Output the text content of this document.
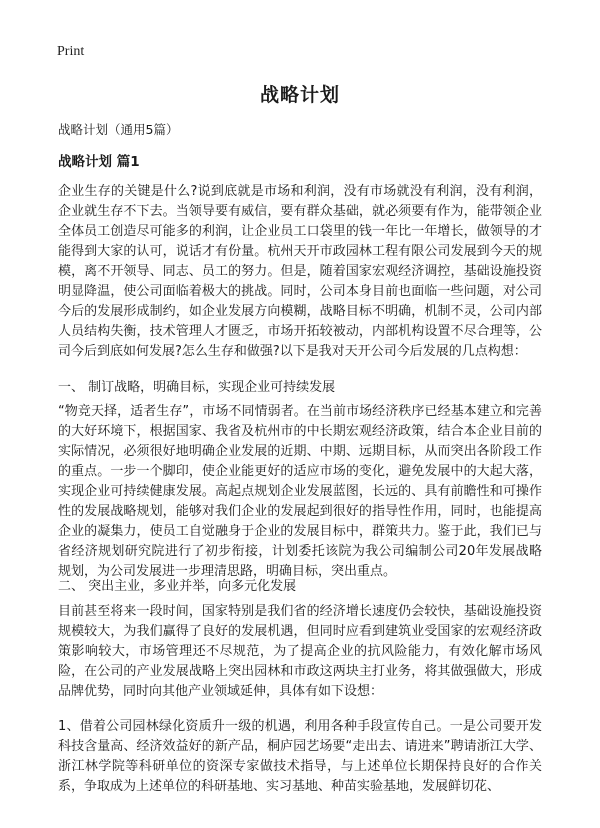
Print
战略计划
战略计划（通用5篇）
战略计划 篇1

企业生存的关键是什么?说到底就是市场和利润，没有市场就没有利润，没有利润，企业就生存不下去。当领导要有威信，要有群众基础，就必须要有作为，能带领企业全体员工创造尽可能多的利润，让企业员工口袋里的钱一年比一年增长，做领导的才能得到大家的认可，说话才有份量。杭州天开市政园林工程有限公司发展到今天的规模，离不开领导、同志、员工的努力。但是，随着国家宏观经济调控，基础设施投资明显降温，使公司面临着极大的挑战。同时，公司本身目前也面临一些问题，对公司今后的发展形成制约，如企业发展方向模糊，战略目标不明确，机制不灵，公司内部人员结构失衡，技术管理人才匮乏，市场开拓较被动，内部机构设置不尽合理等，公司今后到底如何发展?怎么生存和做强?以下是我对天开公司今后发展的几点构想：

一、 制订战略，明确目标，实现企业可持续发展

“物竞天择，适者生存”，市场不同情弱者。在当前市场经济秩序已经基本建立和完善的大好环境下，根据国家、我省及杭州市的中长期宏观经济政策，结合本企业目前的实际情况，必须很好地明确企业发展的近期、中期、远期目标，从而突出各阶段工作的重点。一步一个脚印，使企业能更好的适应市场的变化，避免发展中的大起大落，实现企业可持续健康发展。高起点规划企业发展蓝图，长远的、具有前瞻性和可操作性的发展战略规划，能够对我们企业的发展起到很好的指导性作用，同时，也能提高企业的凝集力，使员工自觉融身于企业的发展目标中，群策共力。鉴于此，我们已与省经济规划研究院进行了初步衔接，计划委托该院为我公司编制公司20年发展战略规划，为公司发展进一步理清思路，明确目标，突出重点。

二、 突出主业，多业并举，向多元化发展

目前甚至将来一段时间，国家特别是我们省的经济增长速度仍会较快，基础设施投资规模较大，为我们赢得了良好的发展机遇，但同时应看到建筑业受国家的宏观经济政策影响较大，市场管理还不尽规范，为了提高企业的抗风险能力，有效化解市场风险，在公司的产业发展战略上突出园林和市政这两块主打业务，将其做强做大，形成品牌优势，同时向其他产业领域延伸，具体有如下设想：

1、借着公司园林绿化资质升一级的机遇，利用各种手段宣传自己。一是公司要开发科技含量高、经济效益好的新产品，桐庐园艺场要“走出去、请进来”聘请浙江大学、浙江林学院等科研单位的资深专家做技术指导，与上述单位长期保持良好的合作关系，争取成为上述单位的科研基地、实习基地、种苗实验基地，发展鲜切花、
